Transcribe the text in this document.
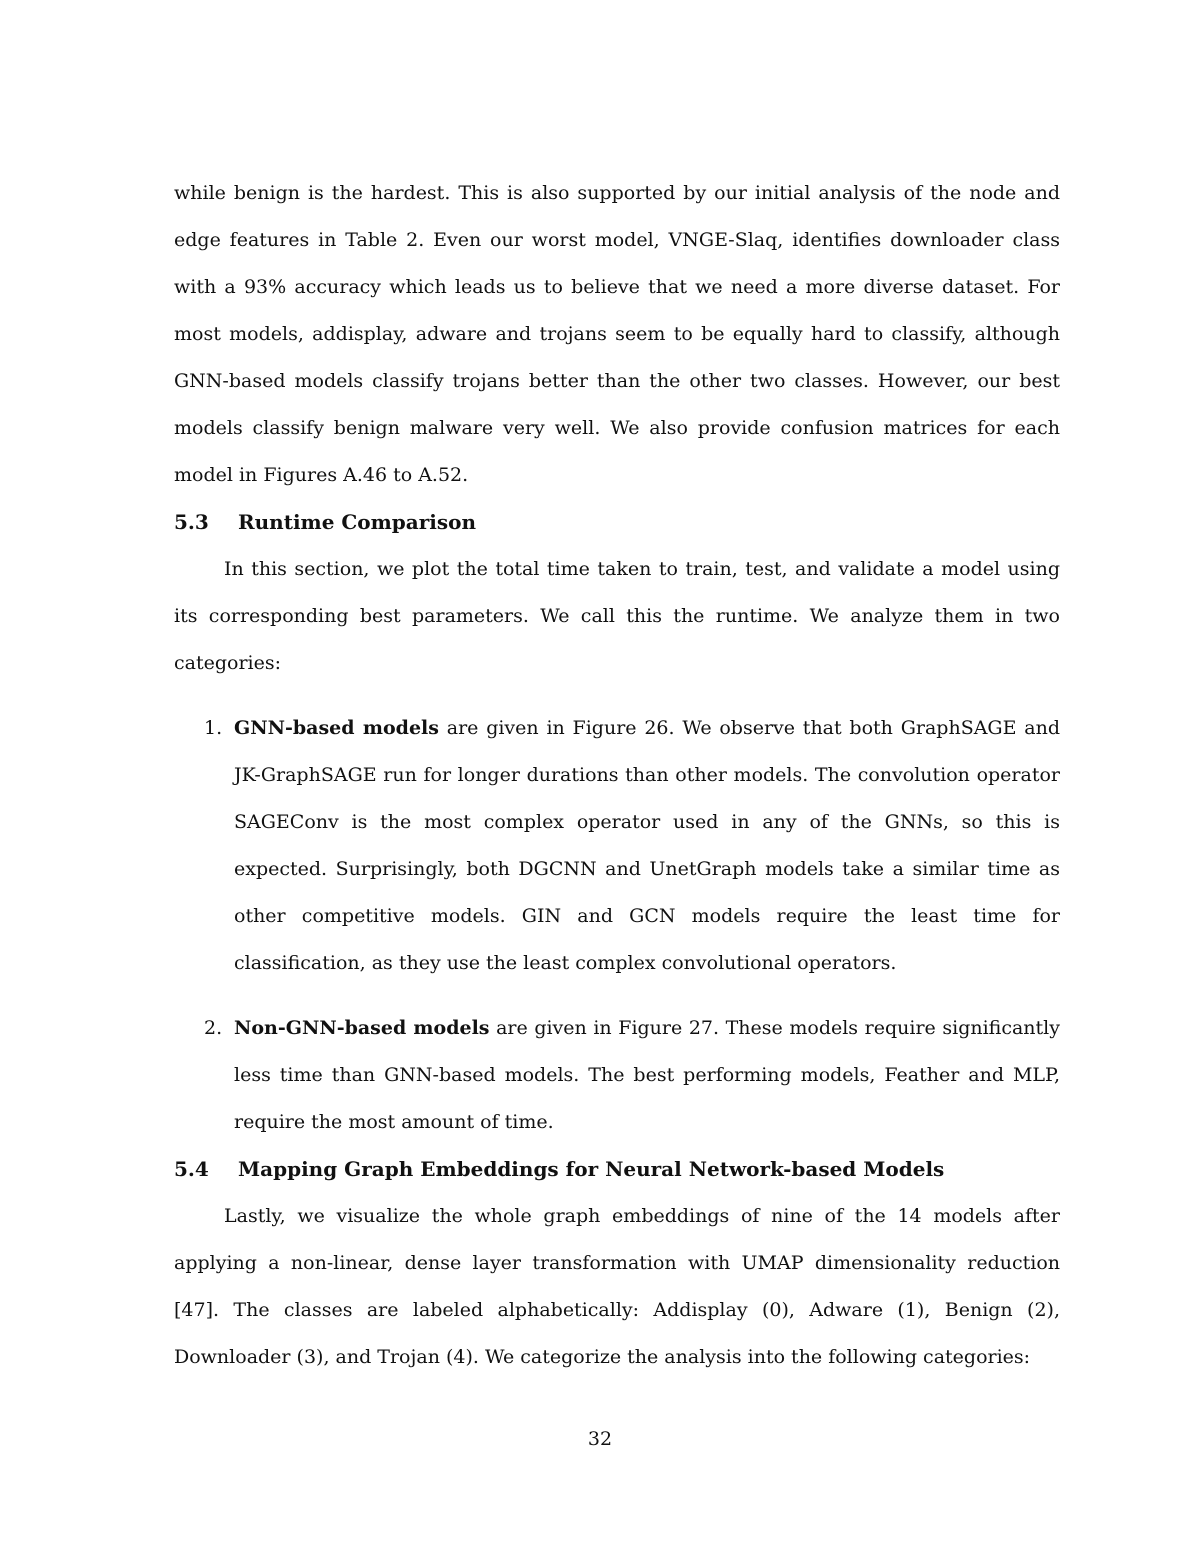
while benign is the hardest. This is also supported by our initial analysis of the node and edge features in Table 2. Even our worst model, VNGE-Slaq, identifies downloader class with a 93% accuracy which leads us to believe that we need a more diverse dataset. For most models, addisplay, adware and trojans seem to be equally hard to classify, although GNN-based models classify trojans better than the other two classes. However, our best models classify benign malware very well. We also provide confusion matrices for each model in Figures A.46 to A.52.

5.3 Runtime Comparison

In this section, we plot the total time taken to train, test, and validate a model using its corresponding best parameters. We call this the runtime. We analyze them in two categories:

1. GNN-based models are given in Figure 26. We observe that both GraphSAGE and JK-GraphSAGE run for longer durations than other models. The convolution operator SAGEConv is the most complex operator used in any of the GNNs, so this is expected. Surprisingly, both DGCNN and UnetGraph models take a similar time as other competitive models. GIN and GCN models require the least time for classification, as they use the least complex convolutional operators.
2. Non-GNN-based models are given in Figure 27. These models require significantly less time than GNN-based models. The best performing models, Feather and MLP, require the most amount of time.
5.4 Mapping Graph Embeddings for Neural Network-based Models

Lastly, we visualize the whole graph embeddings of nine of the 14 models after applying a non-linear, dense layer transformation with UMAP dimensionality reduction [47]. The classes are labeled alphabetically: Addisplay (0), Adware (1), Benign (2), Downloader (3), and Trojan (4). We categorize the analysis into the following categories:

32
